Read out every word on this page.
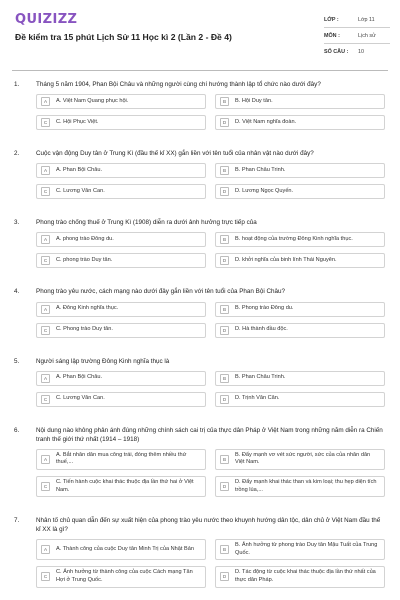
QUIZIZZ
Đề kiểm tra 15 phút Lịch Sử 11 Học kì 2 (Lần 2 - Đề 4)
LỚP :	Lớp 11
MÔN :	Lịch sử
SỐ CÂU :	10
1.	Tháng 5 năm 1904, Phan Bội Châu và những người cùng chí hướng thành lập tổ chức nào dưới đây?
A	A. Việt Nam Quang phục hội.	B	B. Hội Duy tân.
C	C. Hội Phục Việt.	D	D. Việt Nam nghĩa đoàn.
2.	Cuộc vận động Duy tân ở Trung Kì (đầu thế kỉ XX) gắn liền với tên tuổi của nhân vật nào dưới đây?
A	A. Phan Bội Châu.	B	B. Phan Châu Trinh.
C	C. Lương Văn Can.	D	D. Lương Ngọc Quyến.
3.	Phong trào chống thuế ở Trung Kì (1908) diễn ra dưới ảnh hưởng trực tiếp của
A	A. phong trào Đông du.	B	B. hoạt động của trường Đông Kinh nghĩa thục.
C	C. phong trào Duy tân.	D	D. khởi nghĩa của binh lính Thái Nguyên.
4.	Phong trào yêu nước, cách mạng nào dưới đây gắn liền với tên tuổi của Phan Bội Châu?
A	A. Đông Kinh nghĩa thục.	B	B. Phong trào Đông du.
C	C. Phong trào Duy tân.	D	D. Hà thành đầu độc.
5.	Người sáng lập trường Đông Kinh nghĩa thục là
A	A. Phan Bội Châu.	B	B. Phan Châu Trinh.
C	C. Lương Văn Can.	D	D. Trịnh Văn Căn.
6.	Nội dung nào không phản ánh đúng những chính sách cai trị của thực dân Pháp ở Việt Nam trong những năm diễn ra Chiến tranh thế giới thứ nhất (1914 – 1918)
A
A. Bắt nhân dân mua công trái, đóng thêm nhiều thứ thuế,...	B
B. Đẩy mạnh vơ vét sức người, sức của của nhân dân Việt Nam.
C
C. Tiến hành cuộc khai thác thuộc địa lần thứ hai ở Việt Nam.	D
D. Đẩy mạnh khai thác than và kim loại; thu hẹp diện tích trồng lúa,...
7.	Nhân tố chủ quan dẫn đến sự xuất hiện của phong trào yêu nước theo khuynh hướng dân tộc, dân chủ ở Việt Nam đầu thế kỉ XX là gì?
A	A. Thành công của cuộc Duy tân Minh Trị của Nhật Bản	B
B. Ảnh hưởng từ phong trào Duy tân Mậu Tuất của Trung Quốc.
C
C. Ảnh hưởng từ thành công của cuộc Cách mạng Tân Hợi ở Trung Quốc.	D
D. Tác động từ cuộc khai thác thuộc địa lần thứ nhất của thực dân Pháp.
